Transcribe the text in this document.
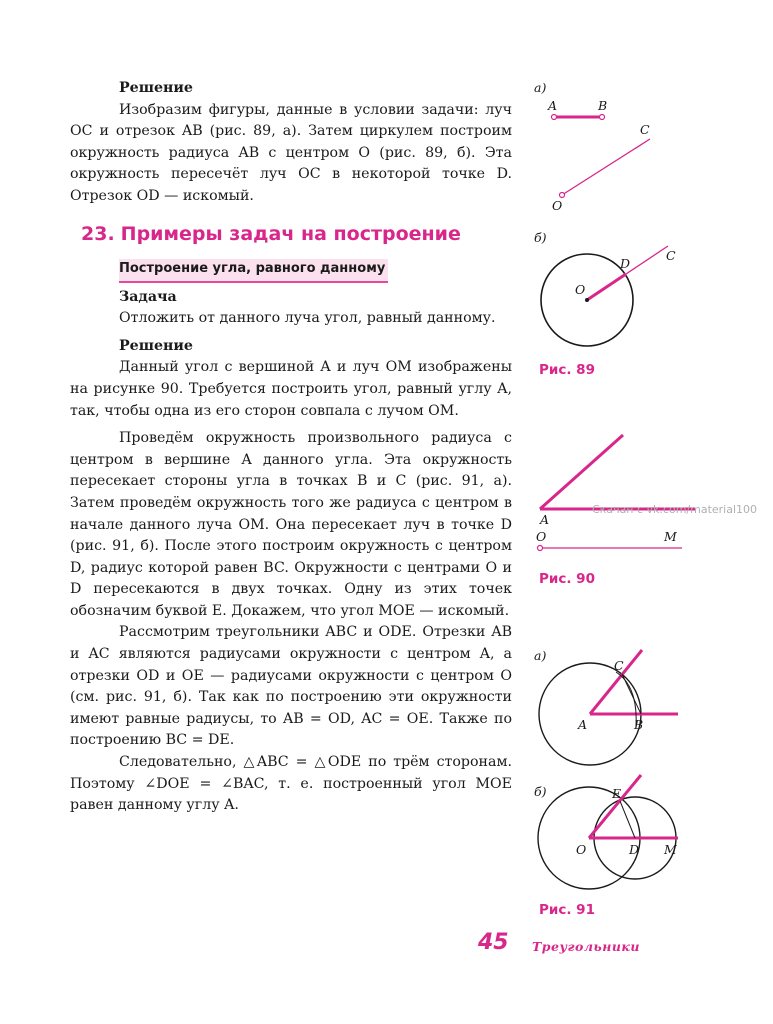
Решение

Изобразим фигуры, данные в условии задачи: луч OC и отрезок AB (рис. 89, а). Затем циркулем построим окружность радиуса AB с центром O (рис. 89, б). Эта окружность пересечёт луч OC в некоторой точке D. Отрезок OD — искомый.

23. Примеры задач на построение

Построение угла, равного данному

Задача

Отложить от данного луча угол, равный данному.

Решение

Данный угол с вершиной A и луч OM изображены на рисунке 90. Требуется построить угол, равный углу A, так, чтобы одна из его сторон совпала с лучом OM.

Проведём окружность произвольного радиуса с центром в вершине A данного угла. Эта окружность пересекает стороны угла в точках B и C (рис. 91, а). Затем проведём окружность того же радиуса с центром в начале данного луча OM. Она пересекает луч в точке D (рис. 91, б). После этого построим окружность с центром D, радиус которой равен BC. Окружности с центрами O и D пересекаются в двух точках. Одну из этих точек обозначим буквой E. Докажем, что угол MOE — искомый.

Рассмотрим треугольники ABC и ODE. Отрезки AB и AC являются радиусами окружности с центром A, а отрезки OD и OE — радиусами окружности с центром O (см. рис. 91, б). Так как по построению эти окружности имеют равные радиусы, то AB = OD, AC = OE. Также по построению BC = DE.

Следовательно, △ABC = △ODE по трём сторонам. Поэтому ∠DOE = ∠BAC, т. е. построенный угол MOE равен данному углу A.

а)
A	B
C
O
б)
O
D
C
Рис. 89
A
O	M
Скачан с vk.com/material100
Рис. 90
а)
C
A	B
б)	E
O	D M
Рис. 91
45 Треугольники
